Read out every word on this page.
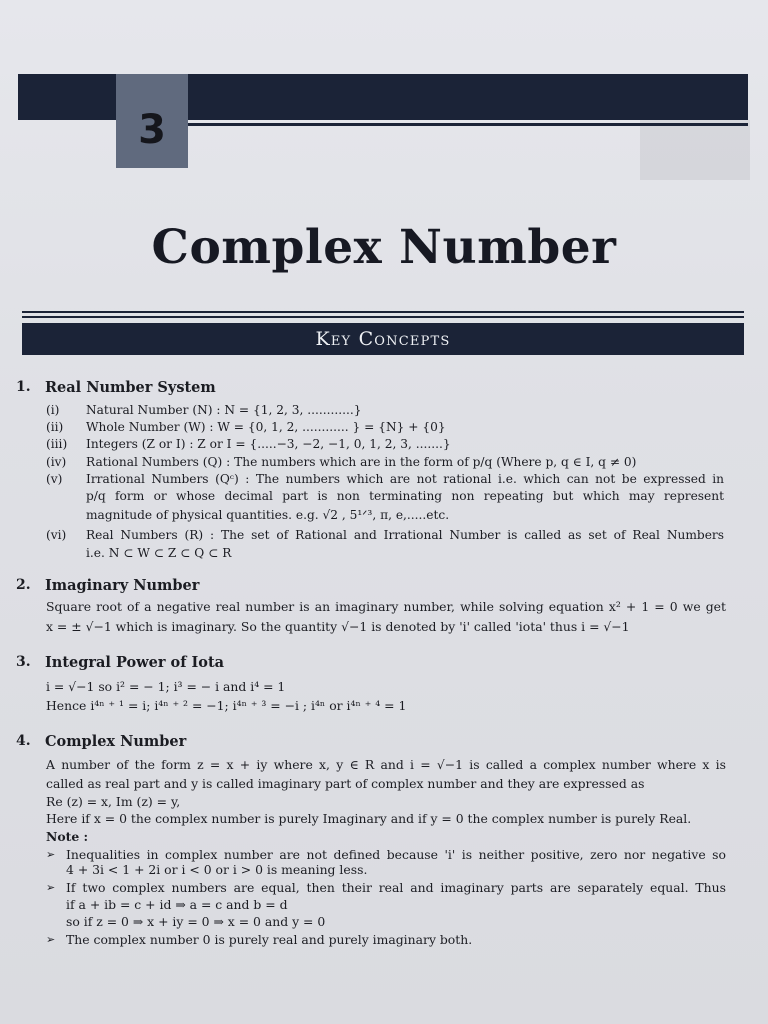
3
Complex Number
Key Concepts
1. Real Number System
(i) Natural Number (N) : N = {1, 2, 3, ............}
(ii) Whole Number (W) : W = {0, 1, 2, ............ } = {N} + {0}
(iii) Integers (Z or I) : Z or I = {.....−3, −2, −1, 0, 1, 2, 3, .......}
(iv) Rational Numbers (Q) : The numbers which are in the form of p/q (Where p, q ∈ I, q ≠ 0)
(v) Irrational Numbers (Qᶜ) : The numbers which are not rational i.e. which can not be expressed in
p/q form or whose decimal part is non terminating non repeating but which may represent
magnitude of physical quantities. e.g. √2 , 5¹ᐟ³, π, e,.....etc.
(vi) Real Numbers (R) : The set of Rational and Irrational Number is called as set of Real Numbers
i.e. N ⊂ W ⊂ Z ⊂ Q ⊂ R
2. Imaginary Number
Square root of a negative real number is an imaginary number, while solving equation x² + 1 = 0 we get
x = ± √−1 which is imaginary. So the quantity √−1 is denoted by 'i' called 'iota' thus i = √−1
3. Integral Power of Iota
i = √−1 so i² = − 1; i³ = − i and i⁴ = 1
Hence i⁴ⁿ ⁺ ¹ = i; i⁴ⁿ ⁺ ² = −1; i⁴ⁿ ⁺ ³ = −i ; i⁴ⁿ or i⁴ⁿ ⁺ ⁴ = 1
4. Complex Number
A number of the form z = x + iy where x, y ∈ R and i = √−1 is called a complex number where x is
called as real part and y is called imaginary part of complex number and they are expressed as
Re (z) = x, Im (z) = y,
Here if x = 0 the complex number is purely Imaginary and if y = 0 the complex number is purely Real.
Note :
➢ Inequalities in complex number are not defined because 'i' is neither positive, zero nor negative so
4 + 3i < 1 + 2i or i < 0 or i > 0 is meaning less.
➢ If two complex numbers are equal, then their real and imaginary parts are separately equal. Thus
if a + ib = c + id ⇒ a = c and b = d
so if z = 0 ⇒ x + iy = 0 ⇒ x = 0 and y = 0
➢ The complex number 0 is purely real and purely imaginary both.
